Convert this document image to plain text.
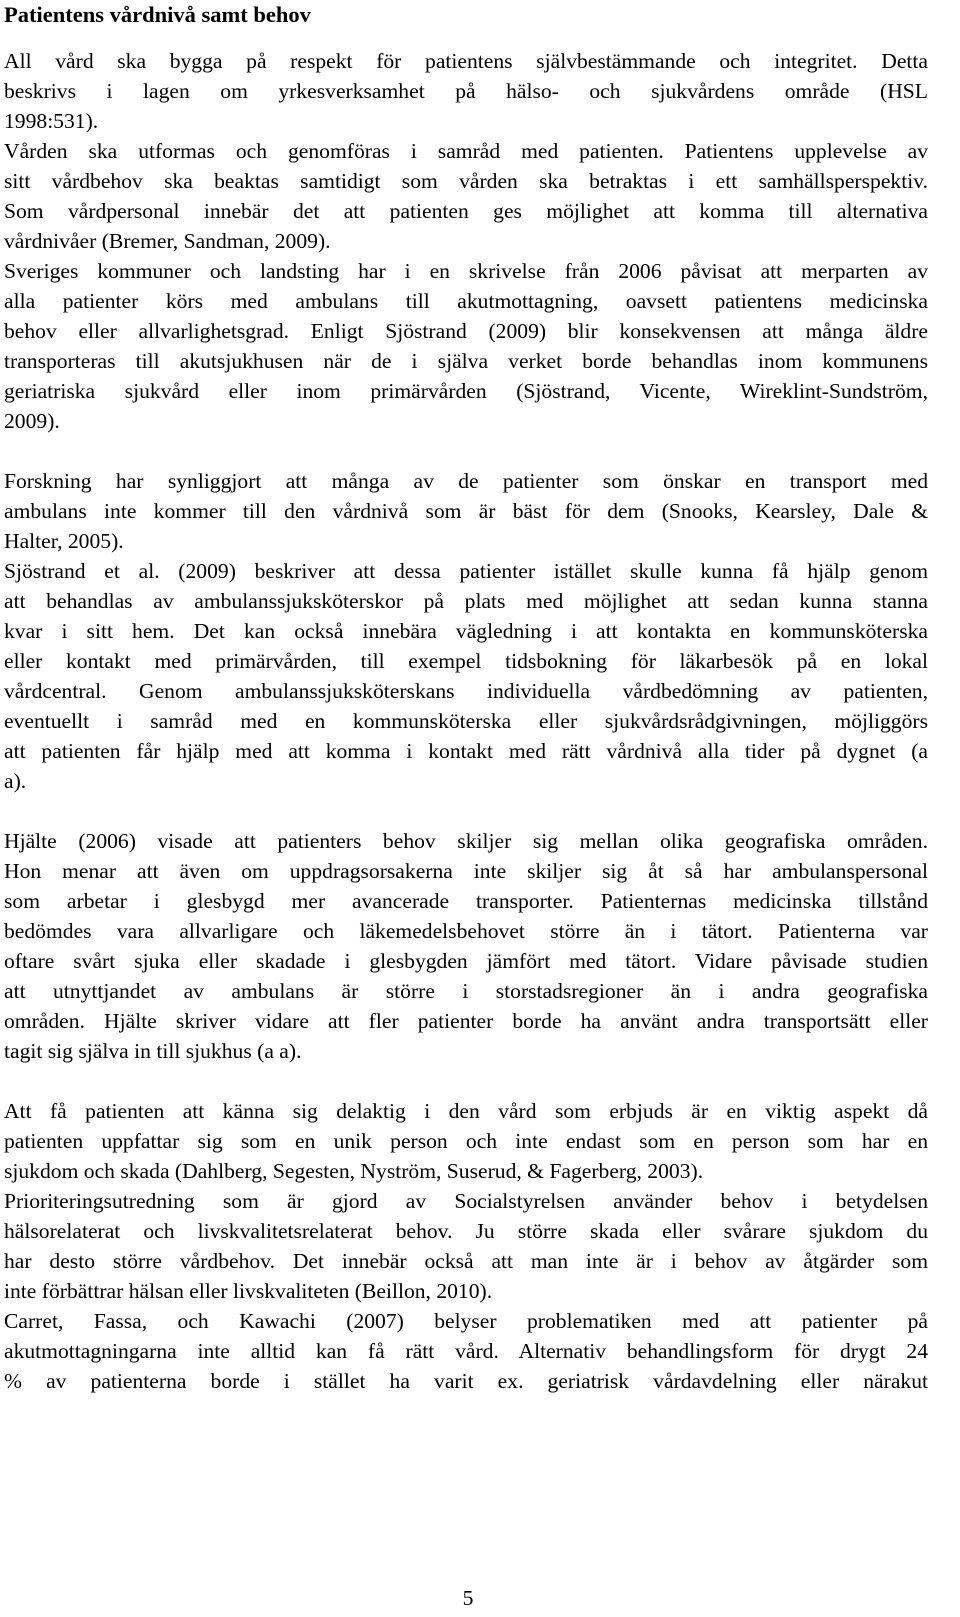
Patientens vårdnivå samt behov

All vård ska bygga på respekt för patientens självbestämmande och integritet. Detta

beskrivs i lagen om yrkesverksamhet på hälso- och sjukvårdens område (HSL

1998:531).

Vården ska utformas och genomföras i samråd med patienten. Patientens upplevelse av

sitt vårdbehov ska beaktas samtidigt som vården ska betraktas i ett samhällsperspektiv.

Som vårdpersonal innebär det att patienten ges möjlighet att komma till alternativa

vårdnivåer (Bremer, Sandman, 2009).

Sveriges kommuner och landsting har i en skrivelse från 2006 påvisat att merparten av

alla patienter körs med ambulans till akutmottagning, oavsett patientens medicinska

behov eller allvarlighetsgrad. Enligt Sjöstrand (2009) blir konsekvensen att många äldre

transporteras till akutsjukhusen när de i själva verket borde behandlas inom kommunens

geriatriska sjukvård eller inom primärvården (Sjöstrand, Vicente, Wireklint-Sundström,

2009).

Forskning har synliggjort att många av de patienter som önskar en transport med

ambulans inte kommer till den vårdnivå som är bäst för dem (Snooks, Kearsley, Dale &

Halter, 2005).

Sjöstrand et al. (2009) beskriver att dessa patienter istället skulle kunna få hjälp genom

att behandlas av ambulanssjuksköterskor på plats med möjlighet att sedan kunna stanna

kvar i sitt hem. Det kan också innebära vägledning i att kontakta en kommunsköterska

eller kontakt med primärvården, till exempel tidsbokning för läkarbesök på en lokal

vårdcentral. Genom ambulanssjuksköterskans individuella vårdbedömning av patienten,

eventuellt i samråd med en kommunsköterska eller sjukvårdsrådgivningen, möjliggörs

att patienten får hjälp med att komma i kontakt med rätt vårdnivå alla tider på dygnet (a

a).

Hjälte (2006) visade att patienters behov skiljer sig mellan olika geografiska områden.

Hon menar att även om uppdragsorsakerna inte skiljer sig åt så har ambulanspersonal

som arbetar i glesbygd mer avancerade transporter. Patienternas medicinska tillstånd

bedömdes vara allvarligare och läkemedelsbehovet större än i tätort. Patienterna var

oftare svårt sjuka eller skadade i glesbygden jämfört med tätort. Vidare påvisade studien

att utnyttjandet av ambulans är större i storstadsregioner än i andra geografiska

områden. Hjälte skriver vidare att fler patienter borde ha använt andra transportsätt eller

tagit sig själva in till sjukhus (a a).

Att få patienten att känna sig delaktig i den vård som erbjuds är en viktig aspekt då

patienten uppfattar sig som en unik person och inte endast som en person som har en

sjukdom och skada (Dahlberg, Segesten, Nyström, Suserud, & Fagerberg, 2003).

Prioriteringsutredning som är gjord av Socialstyrelsen använder behov i betydelsen

hälsorelaterat och livskvalitetsrelaterat behov. Ju större skada eller svårare sjukdom du

har desto större vårdbehov. Det innebär också att man inte är i behov av åtgärder som

inte förbättrar hälsan eller livskvaliteten (Beillon, 2010).

Carret, Fassa, och Kawachi (2007) belyser problematiken med att patienter på

akutmottagningarna inte alltid kan få rätt vård. Alternativ behandlingsform för drygt 24

% av patienterna borde i stället ha varit ex. geriatrisk vårdavdelning eller närakut

5
